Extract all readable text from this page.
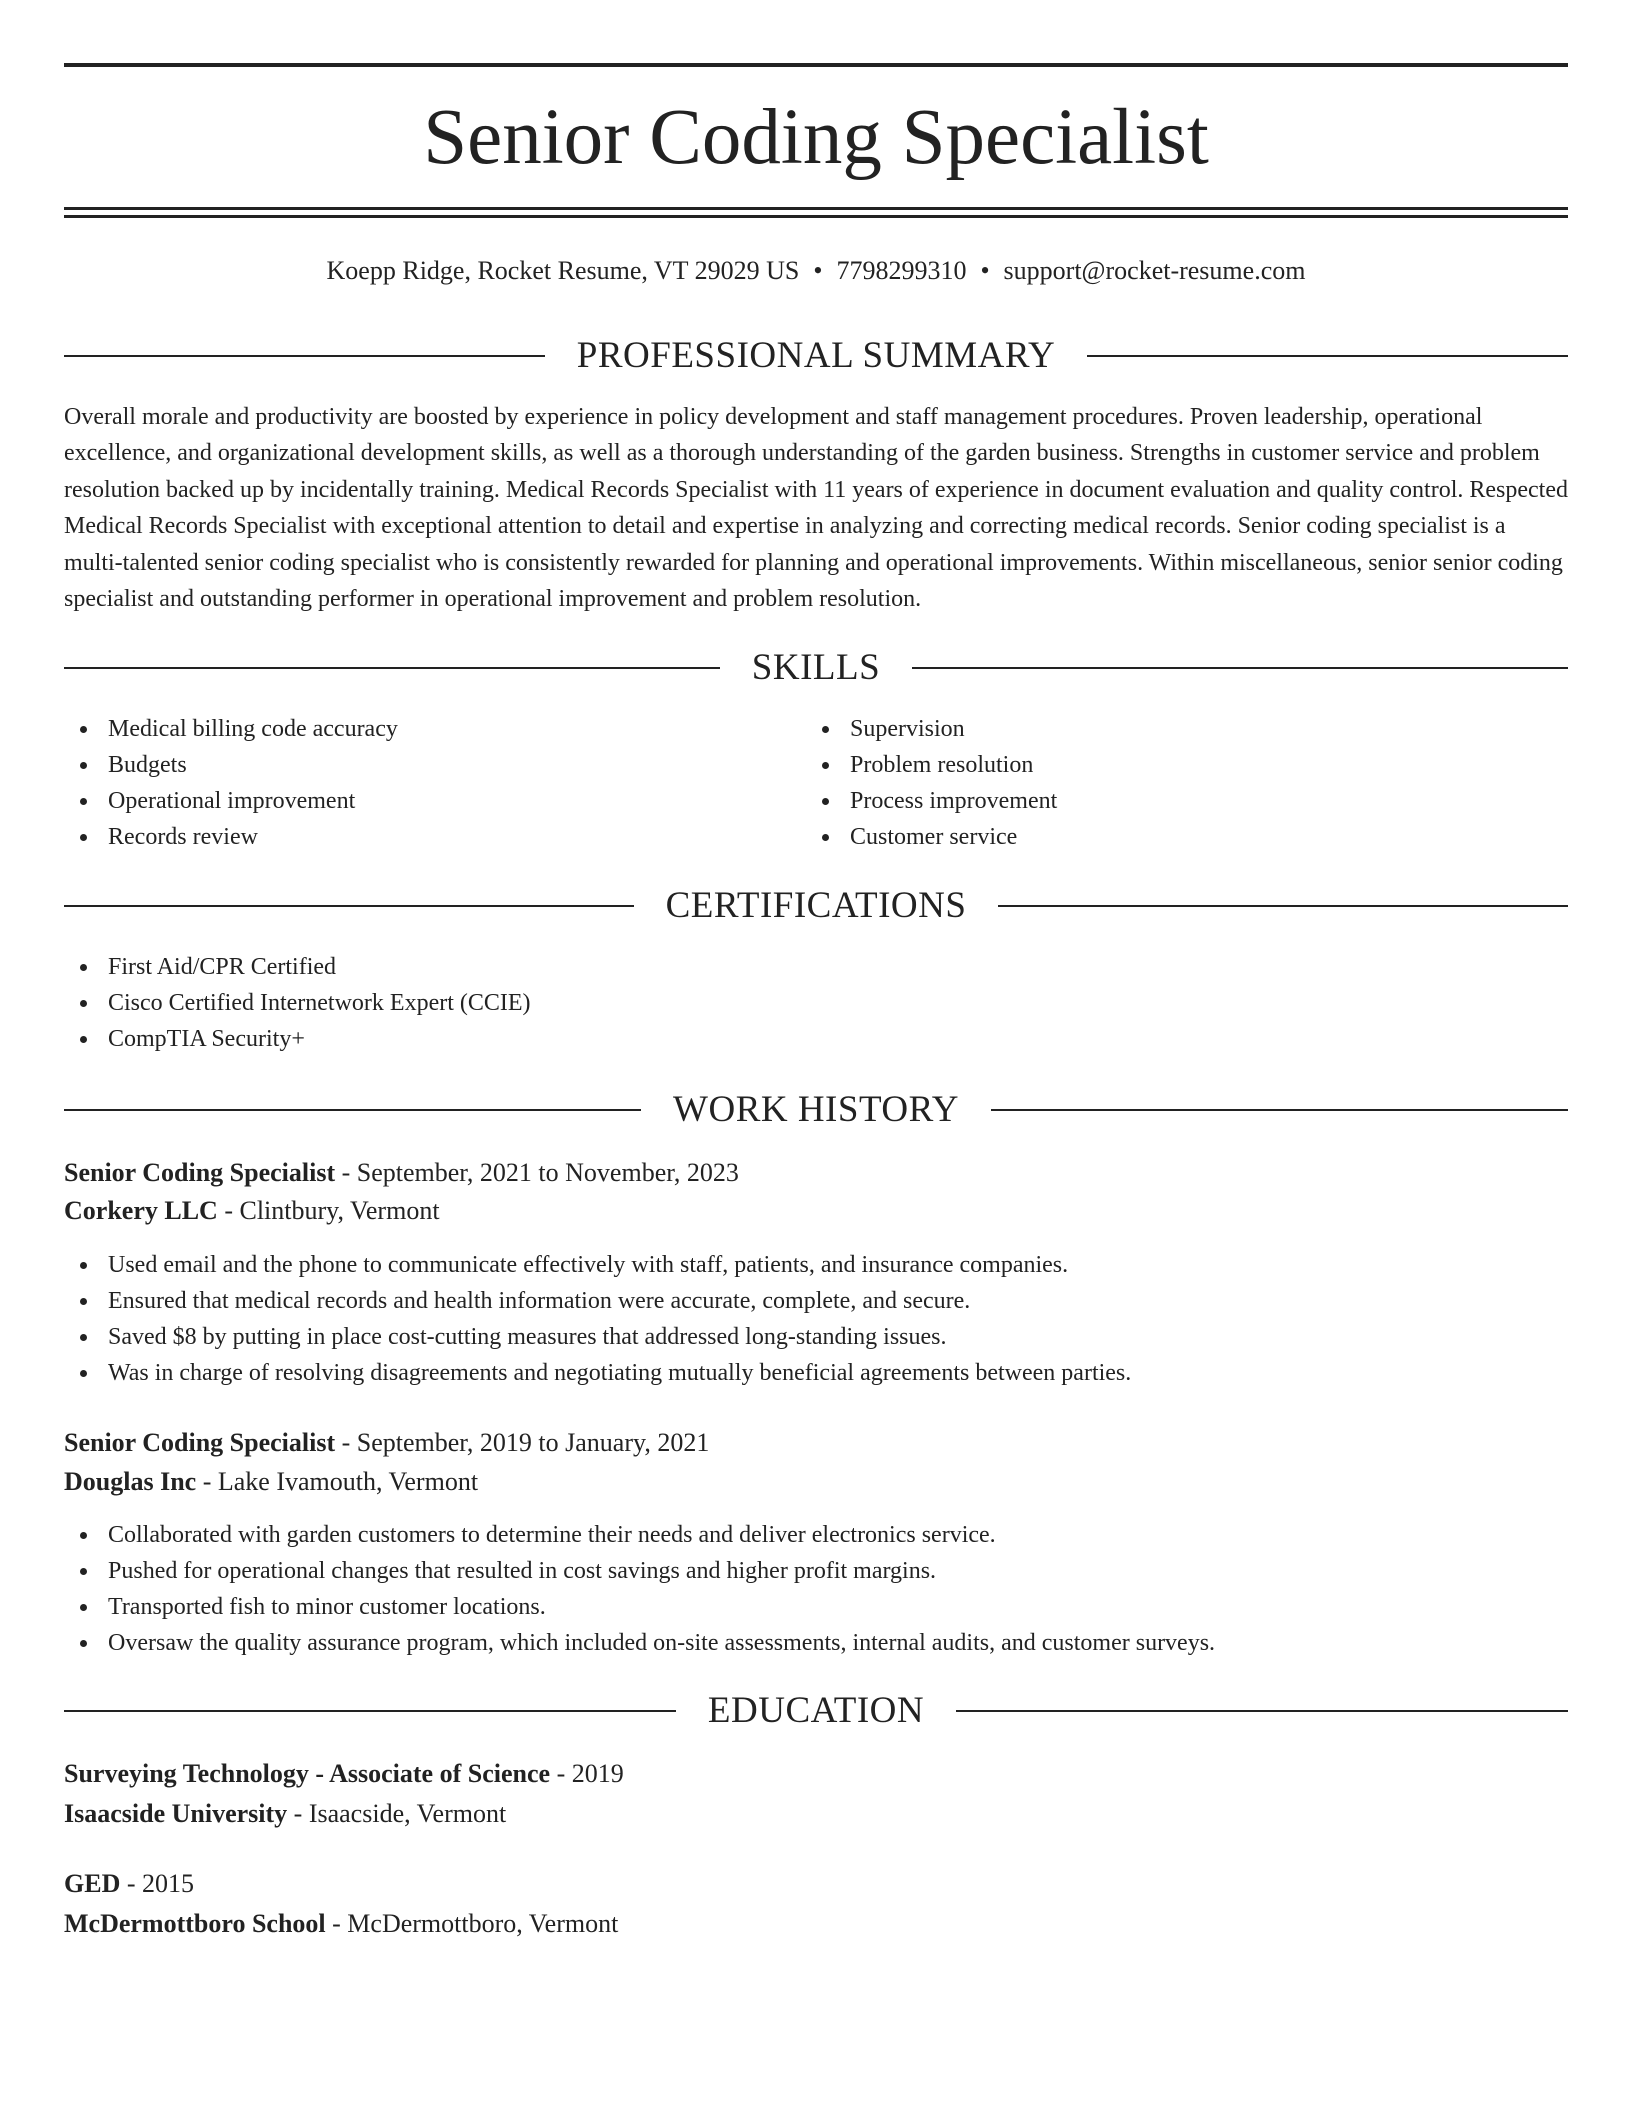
Senior Coding Specialist
Koepp Ridge, Rocket Resume, VT 29029 US • 7798299310 • support@rocket-resume.com
PROFESSIONAL SUMMARY

Overall morale and productivity are boosted by experience in policy development and staff management procedures. Proven leadership, operational excellence, and organizational development skills, as well as a thorough understanding of the garden business. Strengths in customer service and problem resolution backed up by incidentally training. Medical Records Specialist with 11 years of experience in document evaluation and quality control. Respected Medical Records Specialist with exceptional attention to detail and expertise in analyzing and correcting medical records. Senior coding specialist is a multi-talented senior coding specialist who is consistently rewarded for planning and operational improvements. Within miscellaneous, senior senior coding specialist and outstanding performer in operational improvement and problem resolution.

SKILLS
Medical billing code accuracy
Budgets
Operational improvement
Records review
Supervision
Problem resolution
Process improvement
Customer service
CERTIFICATIONS
First Aid/CPR Certified
Cisco Certified Internetwork Expert (CCIE)
CompTIA Security+
WORK HISTORY
Senior Coding Specialist - September, 2021 to November, 2023
Corkery LLC - Clintbury, Vermont
Used email and the phone to communicate effectively with staff, patients, and insurance companies.
Ensured that medical records and health information were accurate, complete, and secure.
Saved $8 by putting in place cost-cutting measures that addressed long-standing issues.
Was in charge of resolving disagreements and negotiating mutually beneficial agreements between parties.
Senior Coding Specialist - September, 2019 to January, 2021
Douglas Inc - Lake Ivamouth, Vermont
Collaborated with garden customers to determine their needs and deliver electronics service.
Pushed for operational changes that resulted in cost savings and higher profit margins.
Transported fish to minor customer locations.
Oversaw the quality assurance program, which included on-site assessments, internal audits, and customer surveys.
EDUCATION
Surveying Technology - Associate of Science - 2019
Isaacside University - Isaacside, Vermont
GED - 2015
McDermottboro School - McDermottboro, Vermont
